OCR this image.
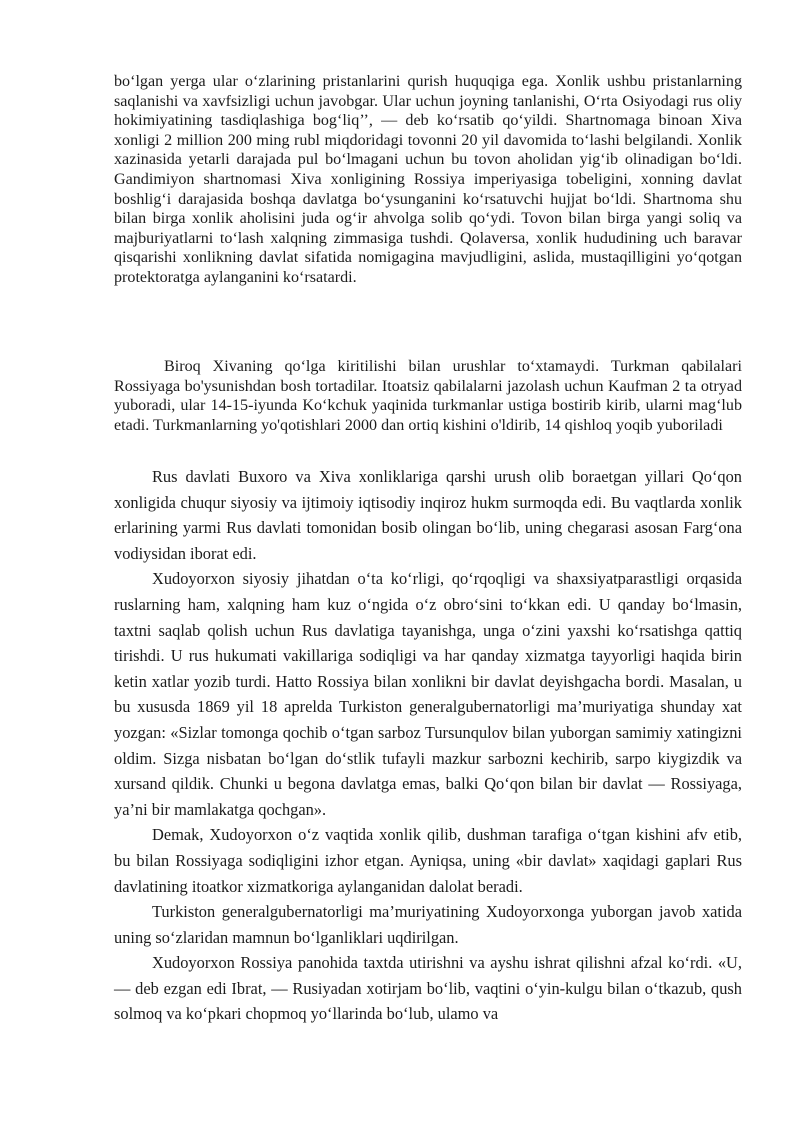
bo‘lgan yerga ular o‘zlarining pristanlarini qurish huquqiga ega. Xonlik ushbu pristanlarning saqlanishi va xavfsizligi uchun javobgar. Ular uchun joyning tanlanishi, O‘rta Osiyodagi rus oliy hokimiyatining tasdiqlashiga bog‘liq’’, — deb ko‘rsatib qo‘yildi. Shartnomaga binoan Xiva xonligi 2 million 200 ming rubl miqdoridagi tovonni 20 yil davomida to‘lashi belgilandi. Xonlik xazinasida yetarli darajada pul bo‘lmagani uchun bu tovon aholidan yig‘ib olinadigan bo‘ldi. Gandimiyon shartnomasi Xiva xonligining Rossiya imperiyasiga tobeligini, xonning davlat boshlig‘i darajasida boshqa davlatga bo‘ysunganini ko‘rsatuvchi hujjat bo‘ldi. Shartnoma shu bilan birga xonlik aholisini juda og‘ir ahvolga solib qo‘ydi. Tovon bilan birga yangi soliq va majburiyatlarni to‘lash xalqning zimmasiga tushdi. Qolaversa, xonlik hududining uch baravar qisqarishi xonlikning davlat sifatida nomigagina mavjudligini, aslida, mustaqilligini yo‘qotgan protektoratga aylanganini ko‘rsatardi.

Biroq Xivaning qo‘lga kiritilishi bilan urushlar to‘xtamaydi. Turkman qabilalari Rossiyaga bo'ysunishdan bosh tortadilar. Itoatsiz qabilalarni jazolash uchun Kaufman 2 ta otryad yuboradi, ular 14-15-iyunda Ko‘kchuk yaqinida turkmanlar ustiga bostirib kirib, ularni mag‘lub etadi. Turkmanlarning yo'qotishlari 2000 dan ortiq kishini o'ldirib, 14 qishloq yoqib yuboriladi

Rus davlati Buxoro va Xiva xonliklariga qarshi urush olib boraetgan yillari Qo‘qon xonligida chuqur siyosiy va ijtimoiy iqtisodiy inqiroz hukm surmoqda edi. Bu vaqtlarda xonlik erlarining yarmi Rus davlati tomonidan bosib olingan bo‘lib, uning chegarasi asosan Farg‘ona vodiysidan iborat edi.

Xudoyorxon siyosiy jihatdan o‘ta ko‘rligi, qo‘rqoqligi va shaxsiyatparastligi orqasida ruslarning ham, xalqning ham kuz o‘ngida o‘z obro‘sini to‘kkan edi. U qanday bo‘lmasin, taxtni saqlab qolish uchun Rus davlatiga tayanishga, unga o‘zini yaxshi ko‘rsatishga qattiq tirishdi. U rus hukumati vakillariga sodiqligi va har qanday xizmatga tayyorligi haqida birin ketin xatlar yozib turdi. Hatto Rossiya bilan xonlikni bir davlat deyishgacha bordi. Masalan, u bu xususda 1869 yil 18 aprelda Turkiston generalgubernatorligi ma’muriyatiga shunday xat yozgan: «Sizlar tomonga qochib o‘tgan sarboz Tursunqulov bilan yuborgan samimiy xatingizni oldim. Sizga nisbatan bo‘lgan do‘stlik tufayli mazkur sarbozni kechirib, sarpo kiygizdik va xursand qildik. Chunki u begona davlatga emas, balki Qo‘qon bilan bir davlat — Rossiyaga, ya’ni bir mamlakatga qochgan».

Demak, Xudoyorxon o‘z vaqtida xonlik qilib, dushman tarafiga o‘tgan kishini afv etib, bu bilan Rossiyaga sodiqligini izhor etgan. Ayniqsa, uning «bir davlat» xaqidagi gaplari Rus davlatining itoatkor xizmatkoriga aylanganidan dalolat beradi.

Turkiston generalgubernatorligi ma’muriyatining Xudoyorxonga yuborgan javob xatida uning so‘zlaridan mamnun bo‘lganliklari uqdirilgan.

Xudoyorxon Rossiya panohida taxtda utirishni va ayshu ishrat qilishni afzal ko‘rdi. «U, — deb ezgan edi Ibrat, — Rusiyadan xotirjam bo‘lib, vaqtini o‘yin-kulgu bilan o‘tkazub, qush solmoq va ko‘pkari chopmoq yo‘llarinda bo‘lub, ulamo va
